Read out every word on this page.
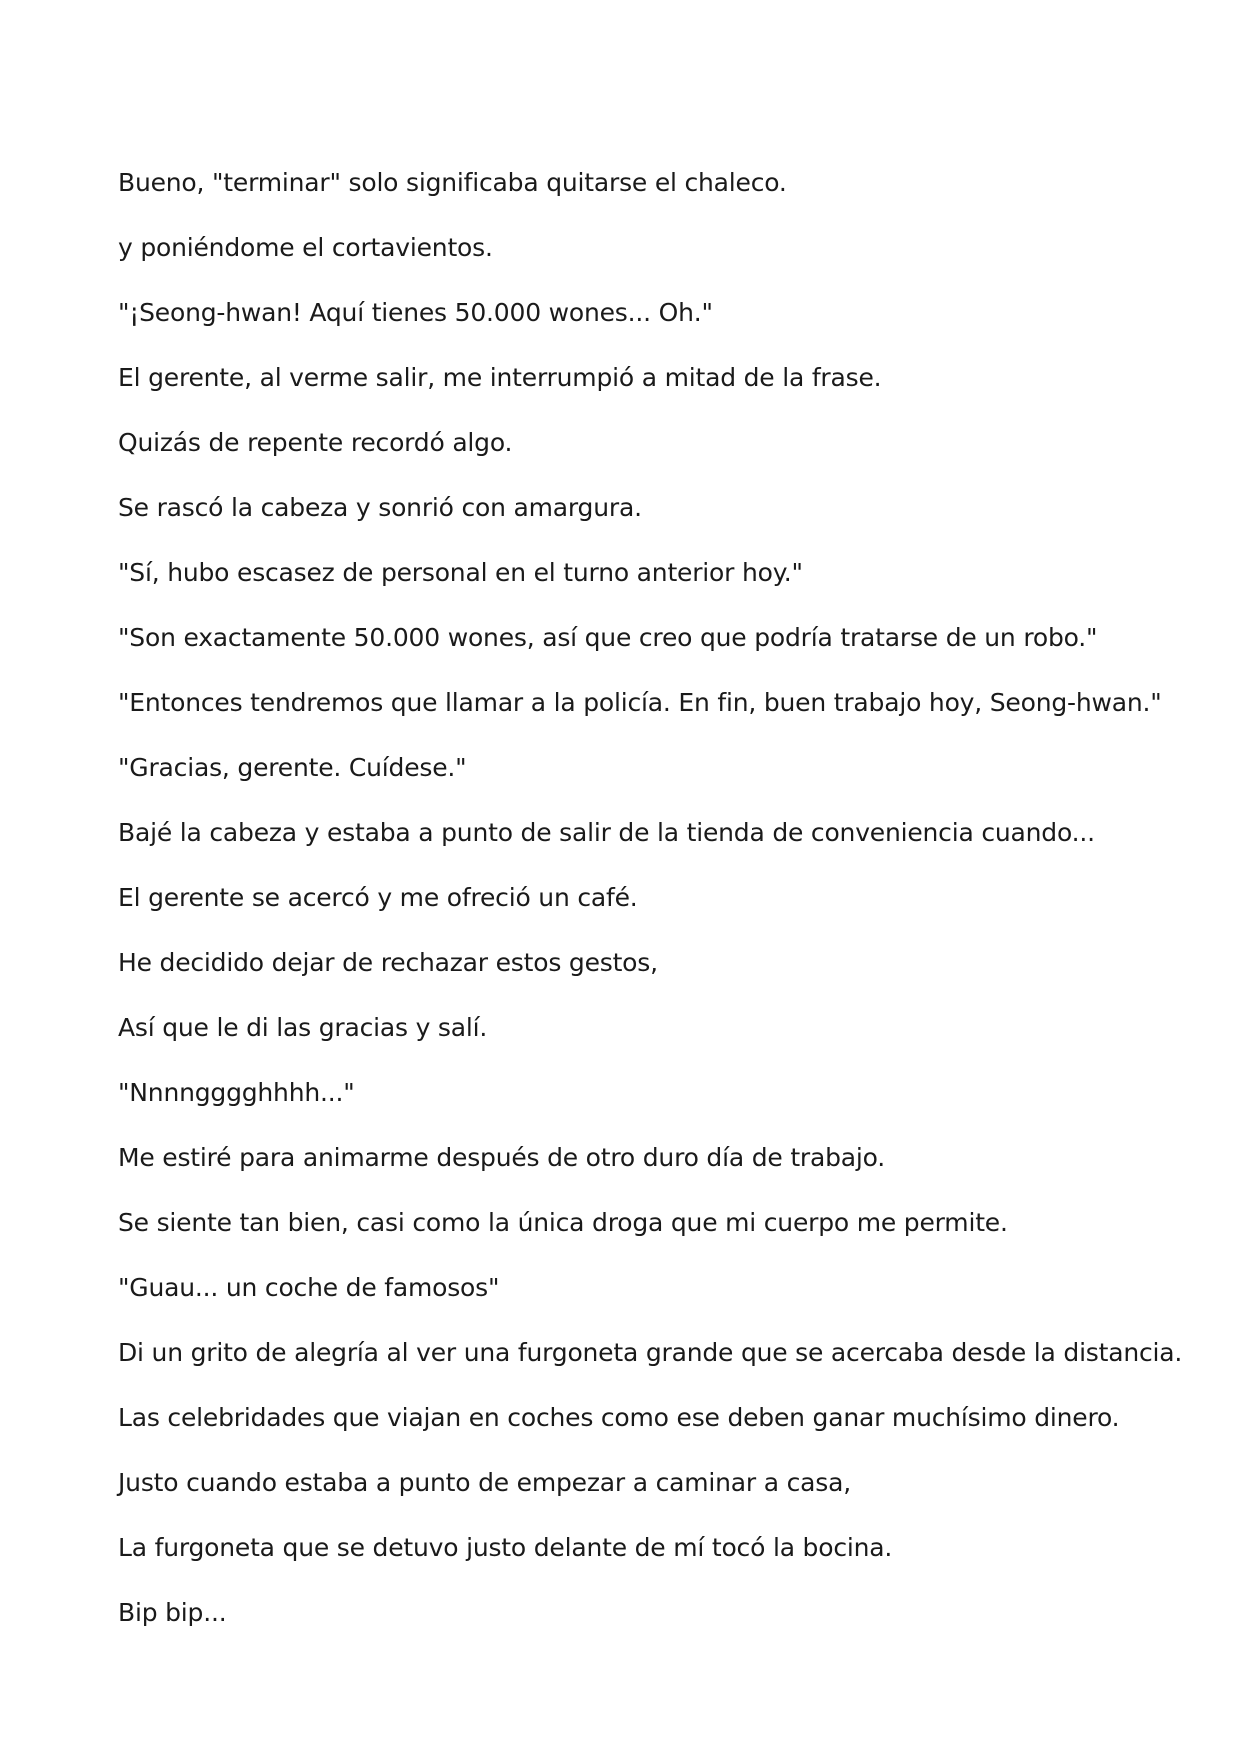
Bueno, "terminar" solo significaba quitarse el chaleco.

y poniéndome el cortavientos.

"¡Seong-hwan! Aquí tienes 50.000 wones... Oh."

El gerente, al verme salir, me interrumpió a mitad de la frase.

Quizás de repente recordó algo.

Se rascó la cabeza y sonrió con amargura.

"Sí, hubo escasez de personal en el turno anterior hoy."

"Son exactamente 50.000 wones, así que creo que podría tratarse de un robo."

"Entonces tendremos que llamar a la policía. En fin, buen trabajo hoy, Seong-hwan."

"Gracias, gerente. Cuídese."

Bajé la cabeza y estaba a punto de salir de la tienda de conveniencia cuando...

El gerente se acercó y me ofreció un café.

He decidido dejar de rechazar estos gestos,

Así que le di las gracias y salí.

"Nnnngggghhhh..."

Me estiré para animarme después de otro duro día de trabajo.

Se siente tan bien, casi como la única droga que mi cuerpo me permite.

"Guau... un coche de famosos"

Di un grito de alegría al ver una furgoneta grande que se acercaba desde la distancia.

Las celebridades que viajan en coches como ese deben ganar muchísimo dinero.

Justo cuando estaba a punto de empezar a caminar a casa,

La furgoneta que se detuvo justo delante de mí tocó la bocina.

Bip bip...
